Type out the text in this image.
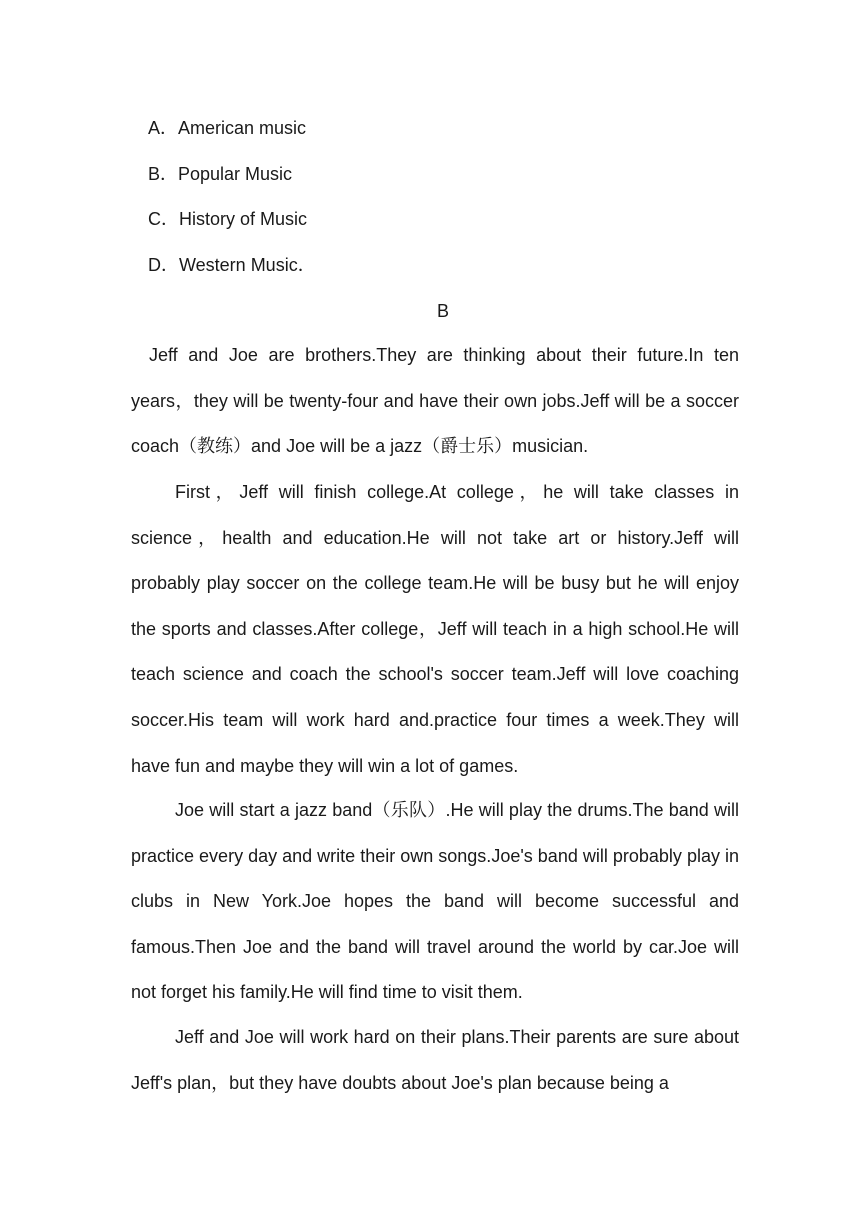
A．American music
B．Popular Music
C．History of Music
D．Western Music．
B

Jeff and Joe are brothers.They are thinking about their future.In ten years，they will be twenty-four and have their own jobs.Jeff will be a soccer coach（教练）and Joe will be a jazz（爵士乐）musician.

First，Jeff will finish college.At college，he will take classes in science，health and education.He will not take art or history.Jeff will probably play soccer on the college team.He will be busy but he will enjoy the sports and classes.After college，Jeff will teach in a high school.He will teach science and coach the school's soccer team.Jeff will love coaching soccer.His team will work hard and.practice four times a week.They will have fun and maybe they will win a lot of games.

Joe will start a jazz band（乐队）.He will play the drums.The band will practice every day and write their own songs.Joe's band will probably play in clubs in New York.Joe hopes the band will become successful and famous.Then Joe and the band will travel around the world by car.Joe will not forget his family.He will find time to visit them.

Jeff and Joe will work hard on their plans.Their parents are sure about Jeff's plan，but they have doubts about Joe's plan because being a
